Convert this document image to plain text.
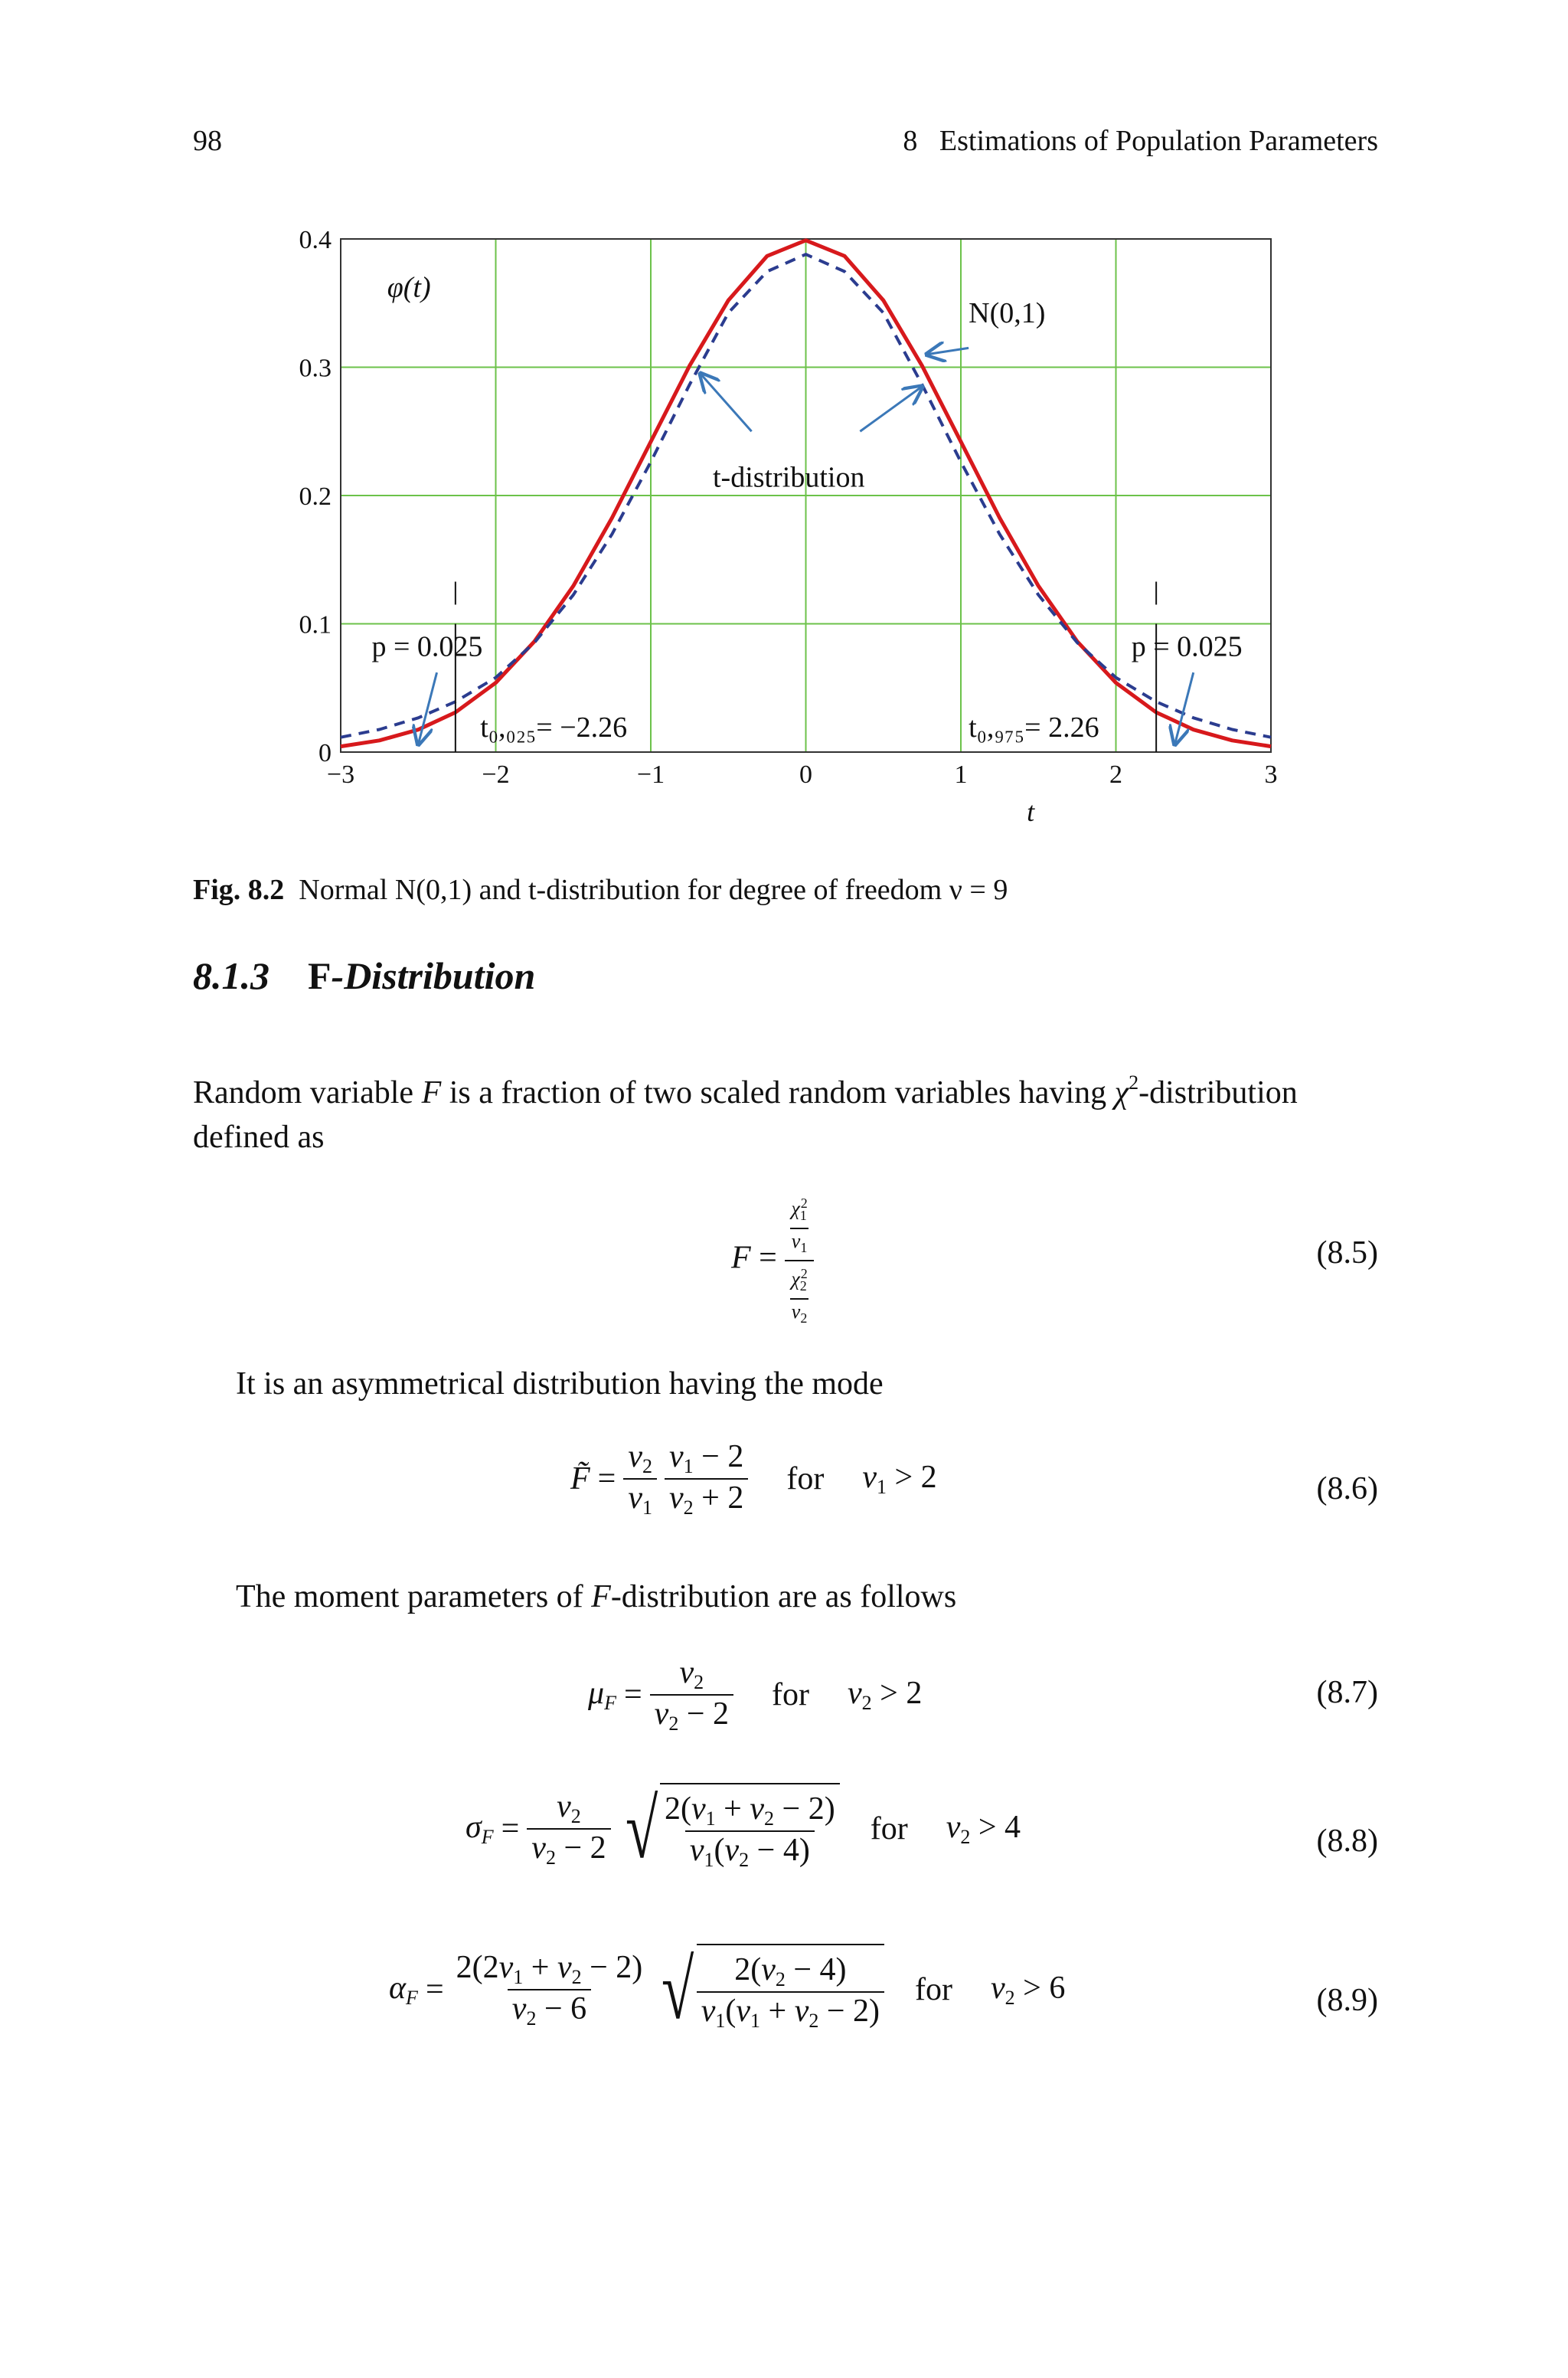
98	8   Estimations of Population Parameters
−3	−2	−1	0	1	2	3
0
0.1
0.2
0.3
0.4
t
φ(t)
N(0,1)
t-distribution
p = 0.025	p = 0.025
t₀,₀₂₅= −2.26	t₀,₉₇₅= 2.26
Fig. 8.2 Normal N(0,1) and t-distribution for degree of freedom ν = 9
8.1.3 F-Distribution
Random variable F is a fraction of two scaled random variables having $\chi^2$-distribution
defined as
$F = \frac{\frac{\chi_1^2}{\nu_1}}{\frac{\chi_2^2}{\nu_2}}$	(8.5)
It is an asymmetrical distribution having the mode
F̃ = $\frac{\nu_2}{\nu_1} \frac{\nu_1 - 2}{\nu_2 + 2}$ for $\nu_1 > 2$	(8.6)
The moment parameters of F-distribution are as follows
$\mu_F = \frac{\nu_2}{\nu_2 - 2}$ for $\nu_2 > 2$	(8.7)
$\sigma_F = \frac{\nu_2}{\nu_2 - 2}$ √ $\frac{2(\nu_1 + \nu_2 - 2)}{\nu_1(\nu_2 - 4)}$ for $\nu_2 > 4$	(8.8)
$\alpha_F = \frac{2(2\nu_1 + \nu_2 - 2)}{\nu_2 - 6}$ √ $\frac{2(\nu_2 - 4)}{\nu_1(\nu_1 + \nu_2 - 2)}$ for $\nu_2 > 6$	(8.9)
